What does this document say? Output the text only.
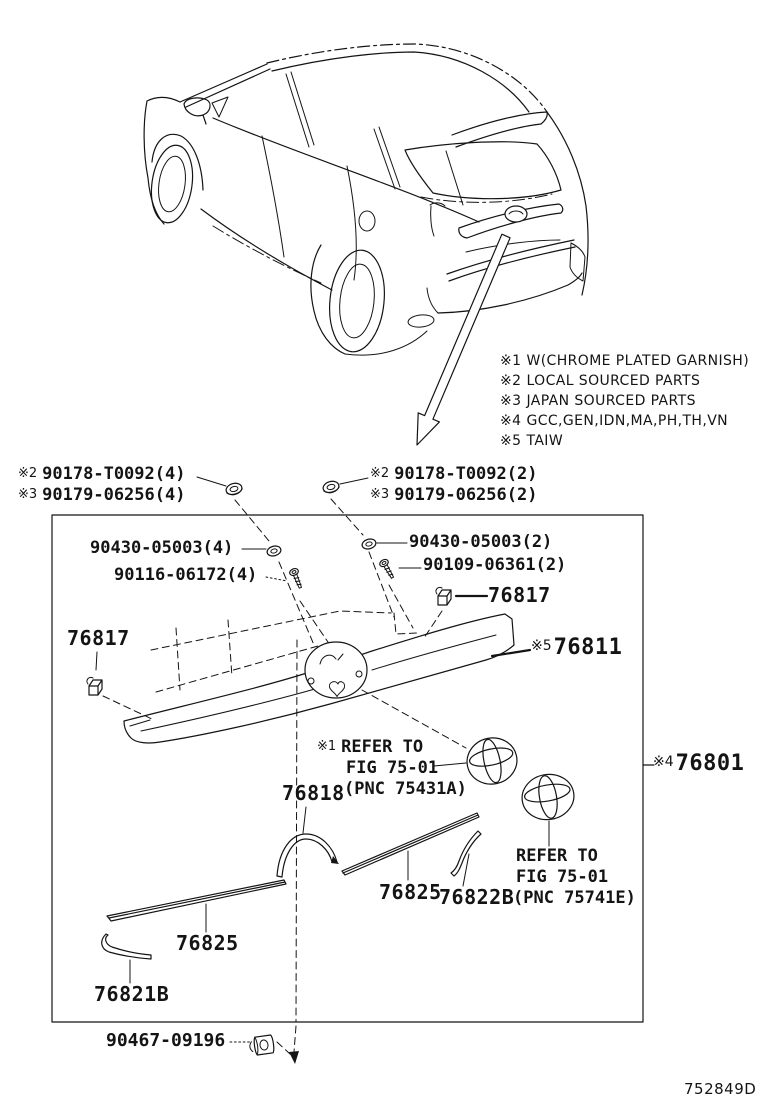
※1 W(CHROME PLATED GARNISH)
※2 LOCAL SOURCED PARTS
※3 JAPAN SOURCED PARTS
※4 GCC,GEN,IDN,MA,PH,TH,VN
※5 TAIW
※2 90178-T0092(4)
※3 90179-06256(4)
※2 90178-T0092(2)
※3 90179-06256(2)
90430-05003(4)
90116-06172(4)
90430-05003(2)
90109-06361(2)
76817
76817	※576811
※476801
※1 REFER TO
FIG 75-01
(PNC 75431A)
76818
REFER TO
FIG 75-01
(PNC 75741E)
76822B
76825
76825
76821B
90467-09196
752849D
